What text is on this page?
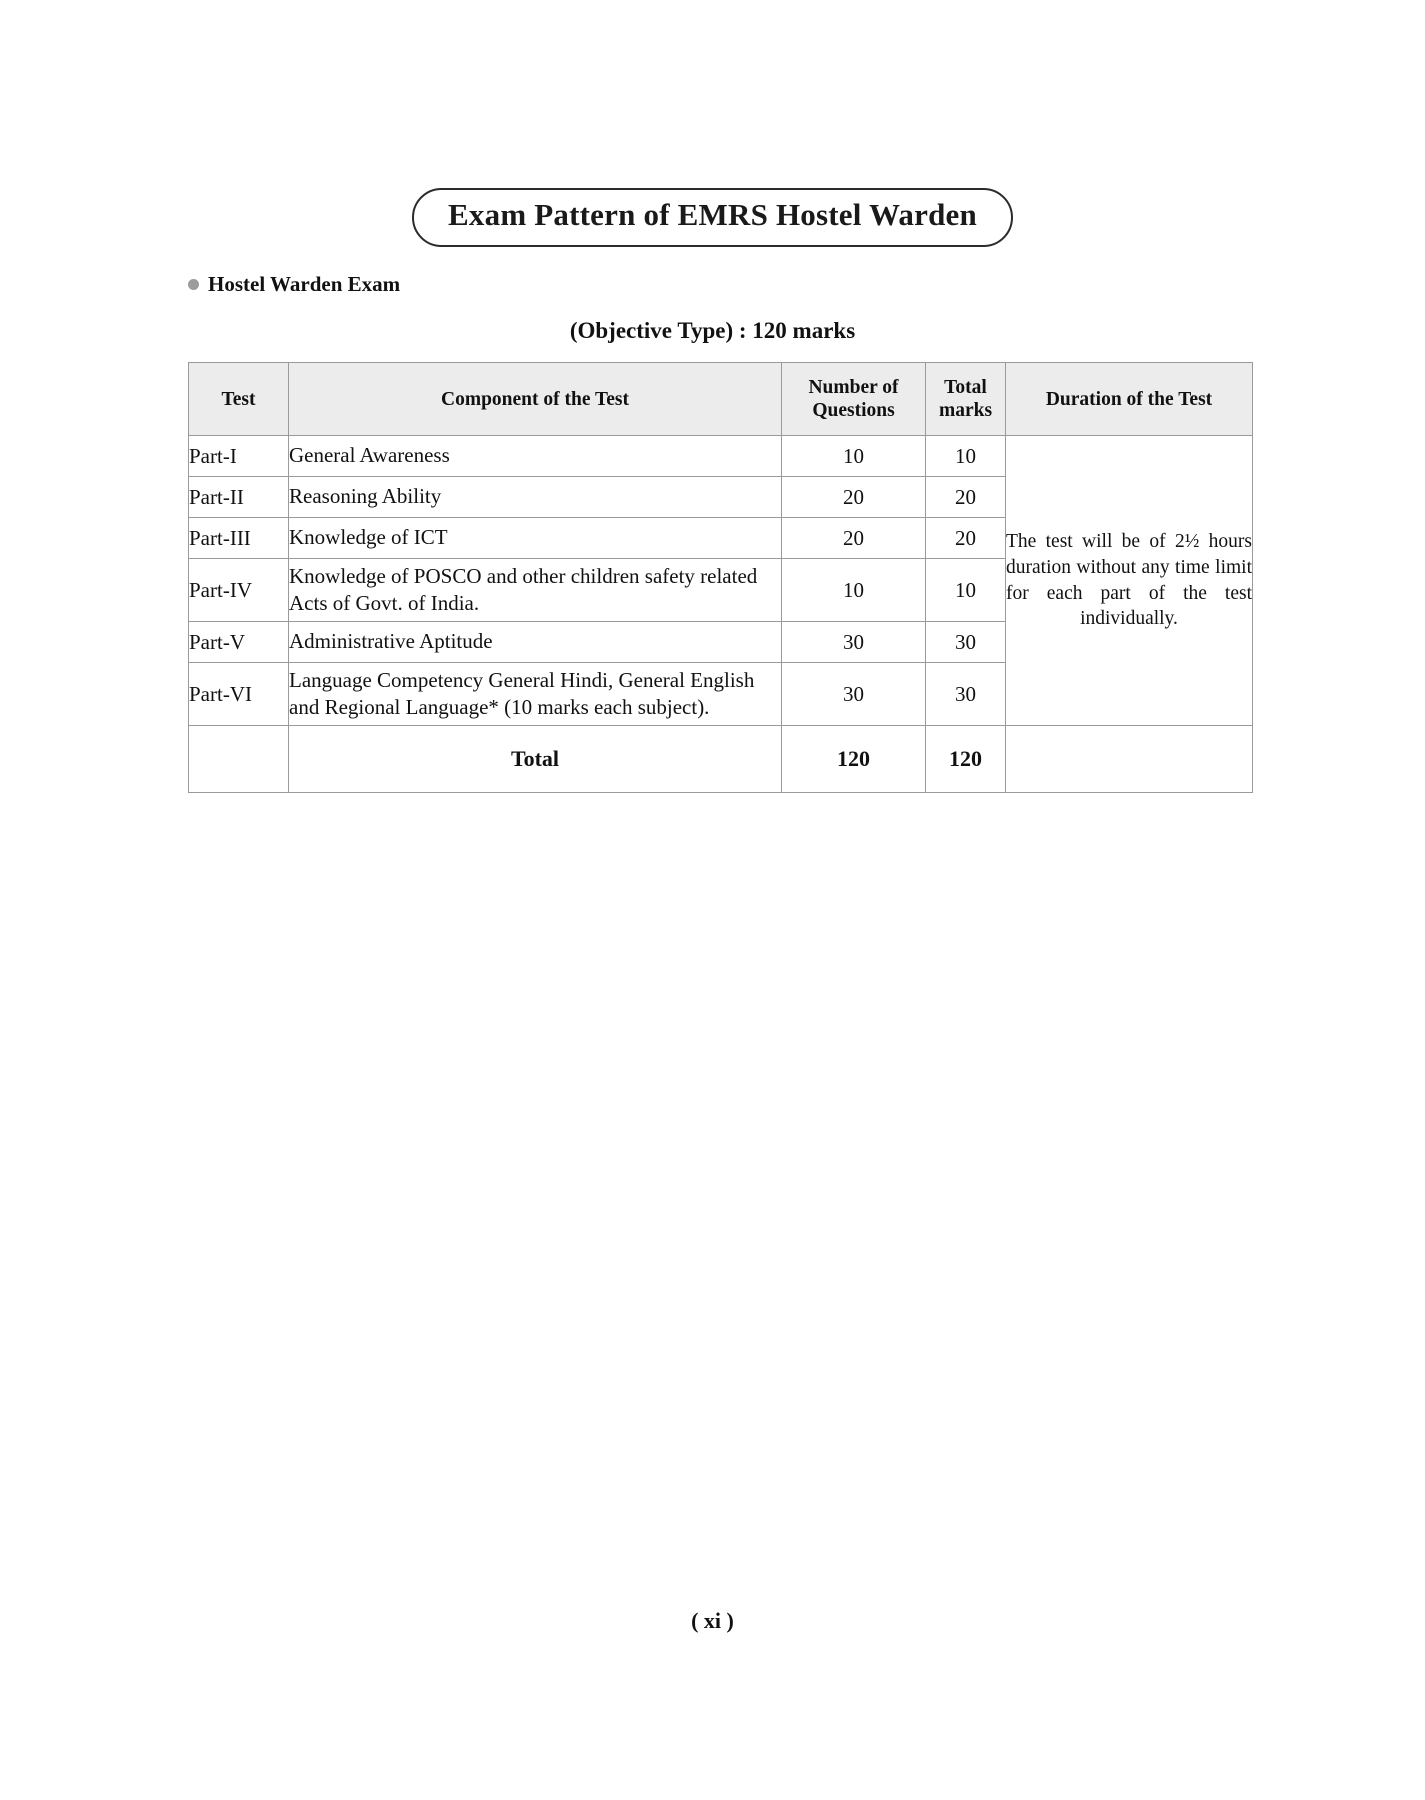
Exam Pattern of EMRS Hostel Warden
Hostel Warden Exam
(Objective Type) : 120 marks
Test	Component of the Test	Number of Questions	Total marks	Duration of the Test
Part-I	General Awareness	10	10	The test will be of 2½ hours duration without any time limit for each part of the test individually.
Part-II	Reasoning Ability	20	20	
Part-III	Knowledge of ICT	20	20	
Part-IV	Knowledge of POSCO and other children safety related Acts of Govt. of India.	10	10	
Part-V	Administrative Aptitude	30	30	
Part-VI	Language Competency General Hindi, General English and Regional Language* (10 marks each subject).	30	30	
	Total	120	120	
( xi )
